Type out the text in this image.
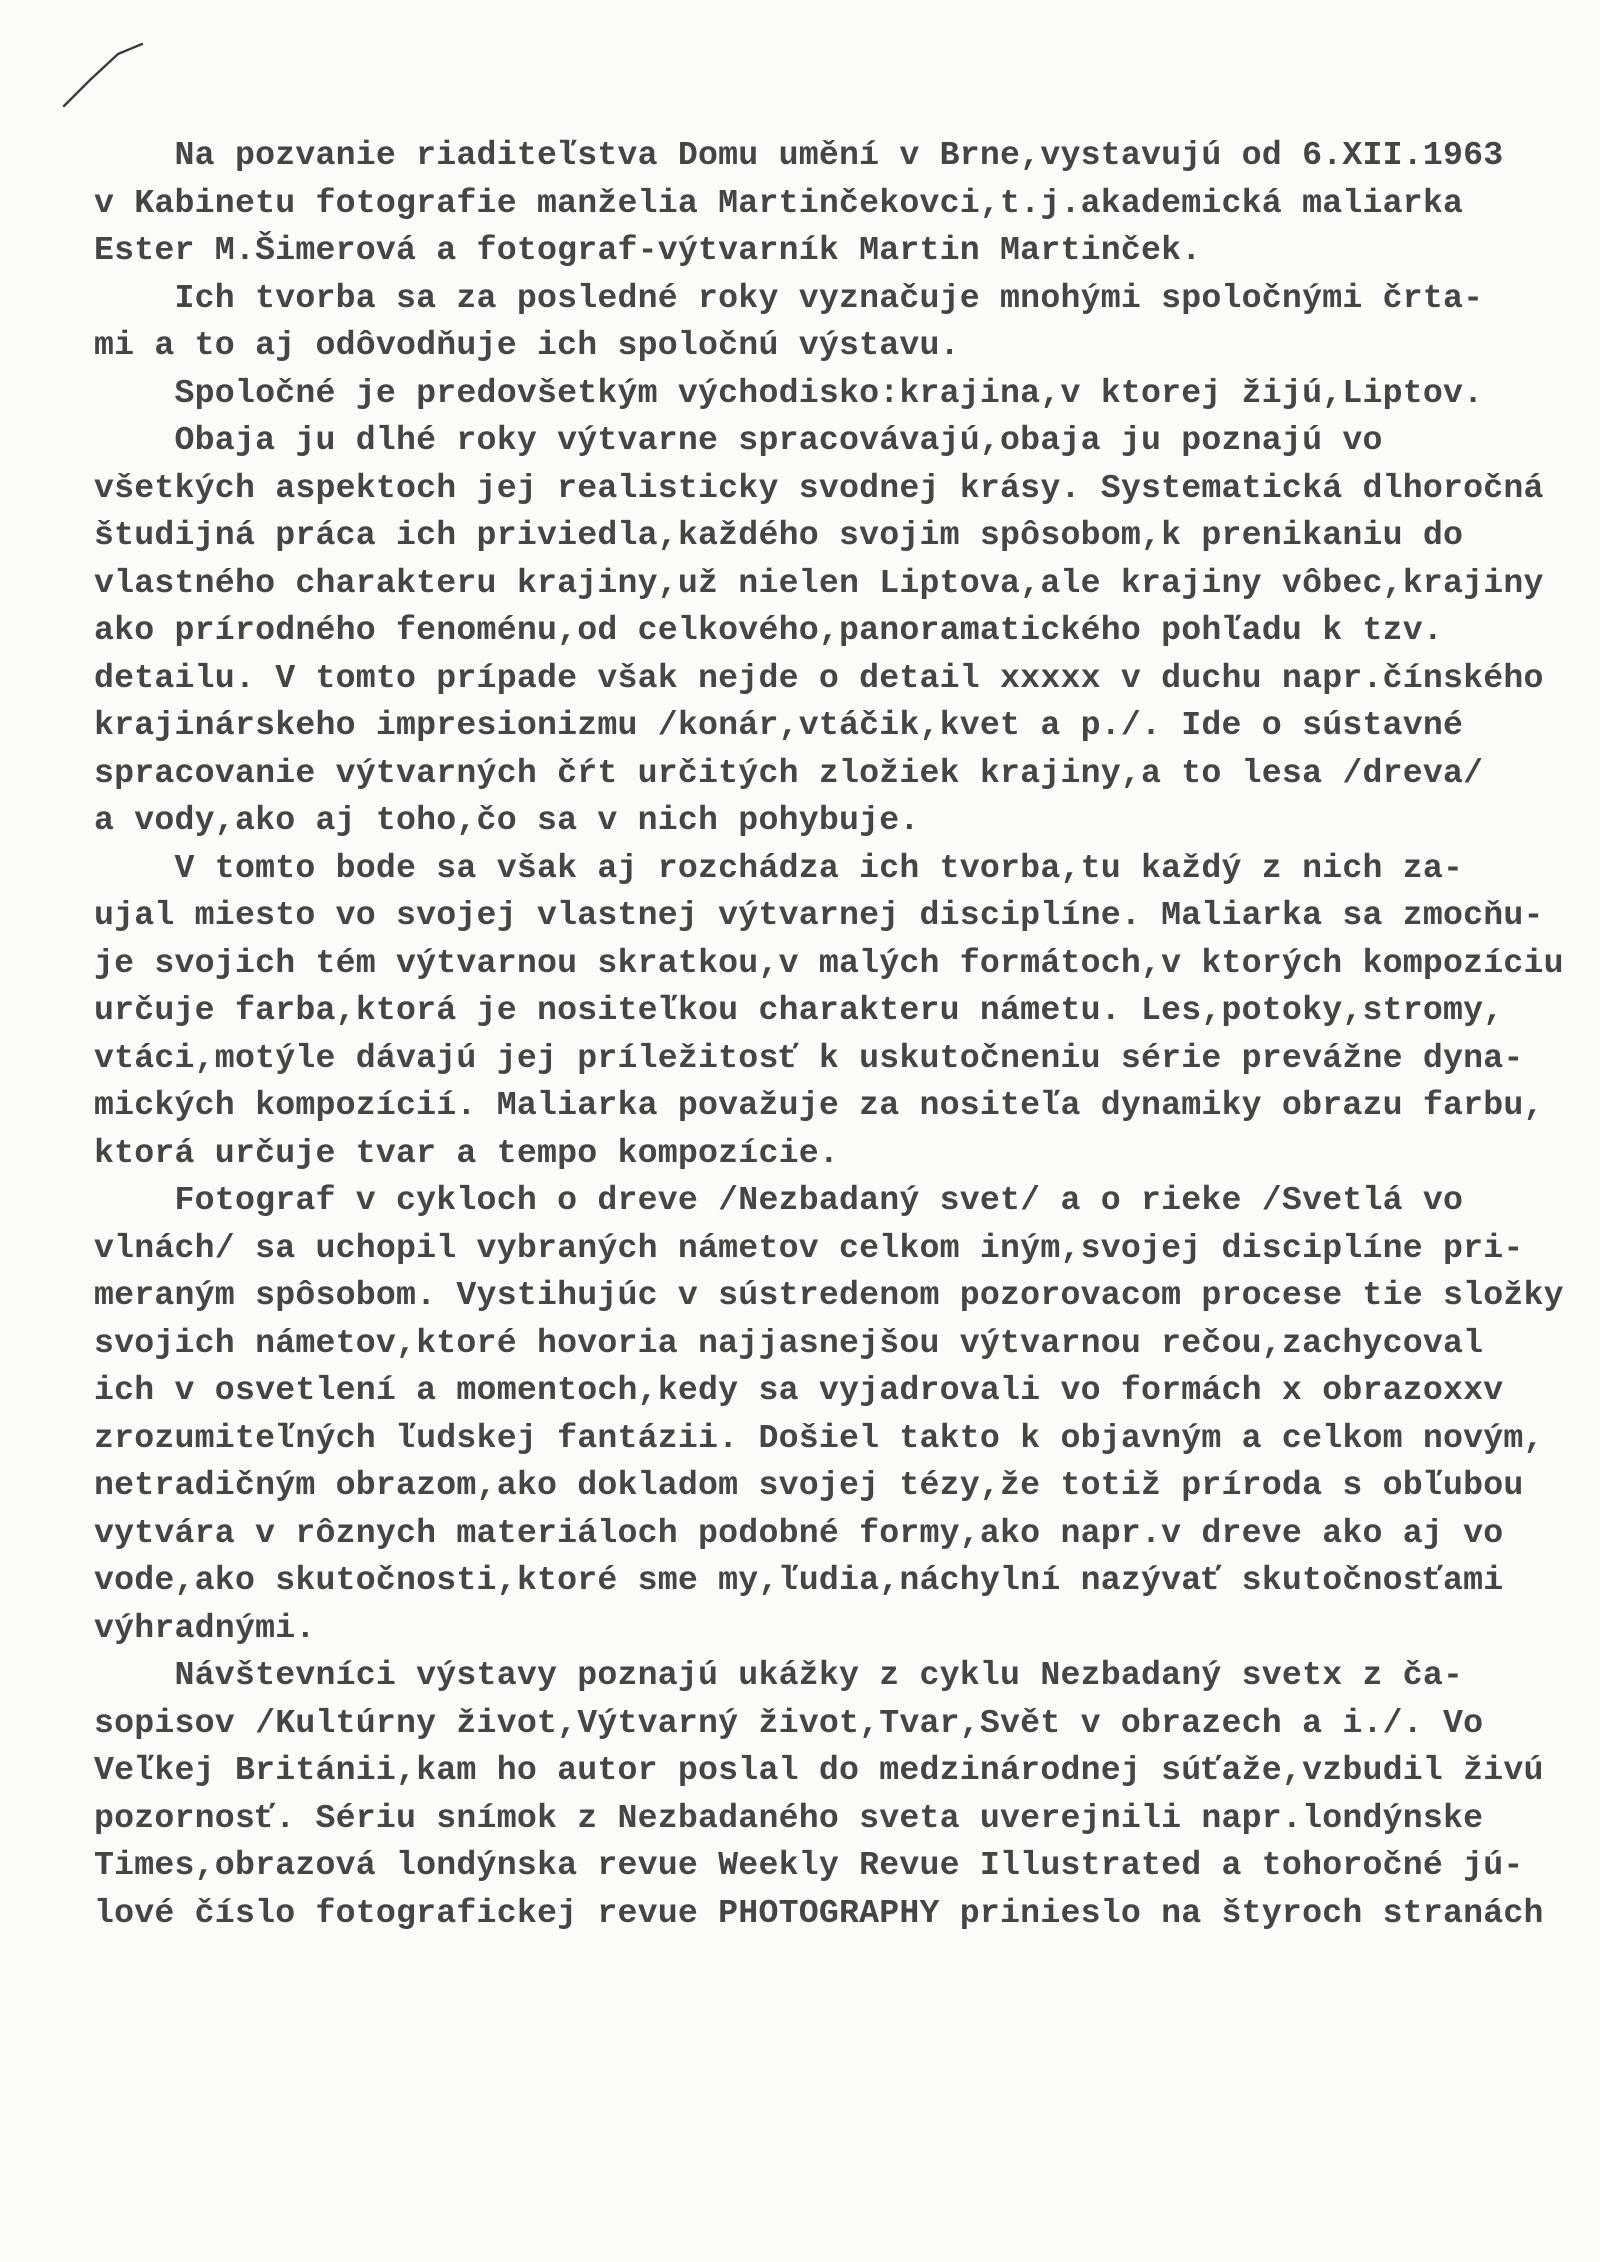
Na pozvanie riaditeľstva Domu umění v Brne,vystavujú od 6.XII.1963
v Kabinetu fotografie manželia Martinčekovci,t.j.akademická maliarka
Ester M.Šimerová a fotograf-výtvarník Martin Martinček.
Ich tvorba sa za posledné roky vyznačuje mnohými spoločnými črta-
mi a to aj odôvodňuje ich spoločnú výstavu.
Spoločné je predovšetkým východisko:krajina,v ktorej žijú,Liptov.
Obaja ju dlhé roky výtvarne spracovávajú,obaja ju poznajú vo
všetkých aspektoch jej realisticky svodnej krásy. Systematická dlhoročná
študijná práca ich priviedla,každého svojim spôsobom,k prenikaniu do
vlastného charakteru krajiny,už nielen Liptova,ale krajiny vôbec,krajiny
ako prírodného fenoménu,od celkového,panoramatického pohľadu k tzv.
detailu. V tomto prípade však nejde o detail xxxxx v duchu napr.čínského
krajinárskeho impresionizmu /konár,vtáčik,kvet a p./. Ide o sústavné
spracovanie výtvarných čŕt určitých zložiek krajiny,a to lesa /dreva/
a vody,ako aj toho,čo sa v nich pohybuje.
V tomto bode sa však aj rozchádza ich tvorba,tu každý z nich za-
ujal miesto vo svojej vlastnej výtvarnej disciplíne. Maliarka sa zmocňu-
je svojich tém výtvarnou skratkou,v malých formátoch,v ktorých kompozíciu
určuje farba,ktorá je nositeľkou charakteru námetu. Les,potoky,stromy,
vtáci,motýle dávajú jej príležitosť k uskutočneniu série prevážne dyna-
mických kompozícií. Maliarka považuje za nositeľa dynamiky obrazu farbu,
ktorá určuje tvar a tempo kompozície.
Fotograf v cykloch o dreve /Nezbadaný svet/ a o rieke /Svetlá vo
vlnách/ sa uchopil vybraných námetov celkom iným,svojej disciplíne pri-
meraným spôsobom. Vystihujúc v sústredenom pozorovacom procese tie složky
svojich námetov,ktoré hovoria najjasnejšou výtvarnou rečou,zachycoval
ich v osvetlení a momentoch,kedy sa vyjadrovali vo formách x obrazoxxv
zrozumiteľných ľudskej fantázii. Došiel takto k objavným a celkom novým,
netradičným obrazom,ako dokladom svojej tézy,že totiž príroda s obľubou
vytvára v rôznych materiáloch podobné formy,ako napr.v dreve ako aj vo
vode,ako skutočnosti,ktoré sme my,ľudia,náchylní nazývať skutočnosťami
výhradnými.
Návštevníci výstavy poznajú ukážky z cyklu Nezbadaný svetx z ča-
sopisov /Kultúrny život,Výtvarný život,Tvar,Svět v obrazech a i./. Vo
Veľkej Británii,kam ho autor poslal do medzinárodnej súťaže,vzbudil živú
pozornosť. Sériu snímok z Nezbadaného sveta uverejnili napr.londýnske
Times,obrazová londýnska revue Weekly Revue Illustrated a tohoročné jú-
lové číslo fotografickej revue PHOTOGRAPHY prinieslo na štyroch stranách
